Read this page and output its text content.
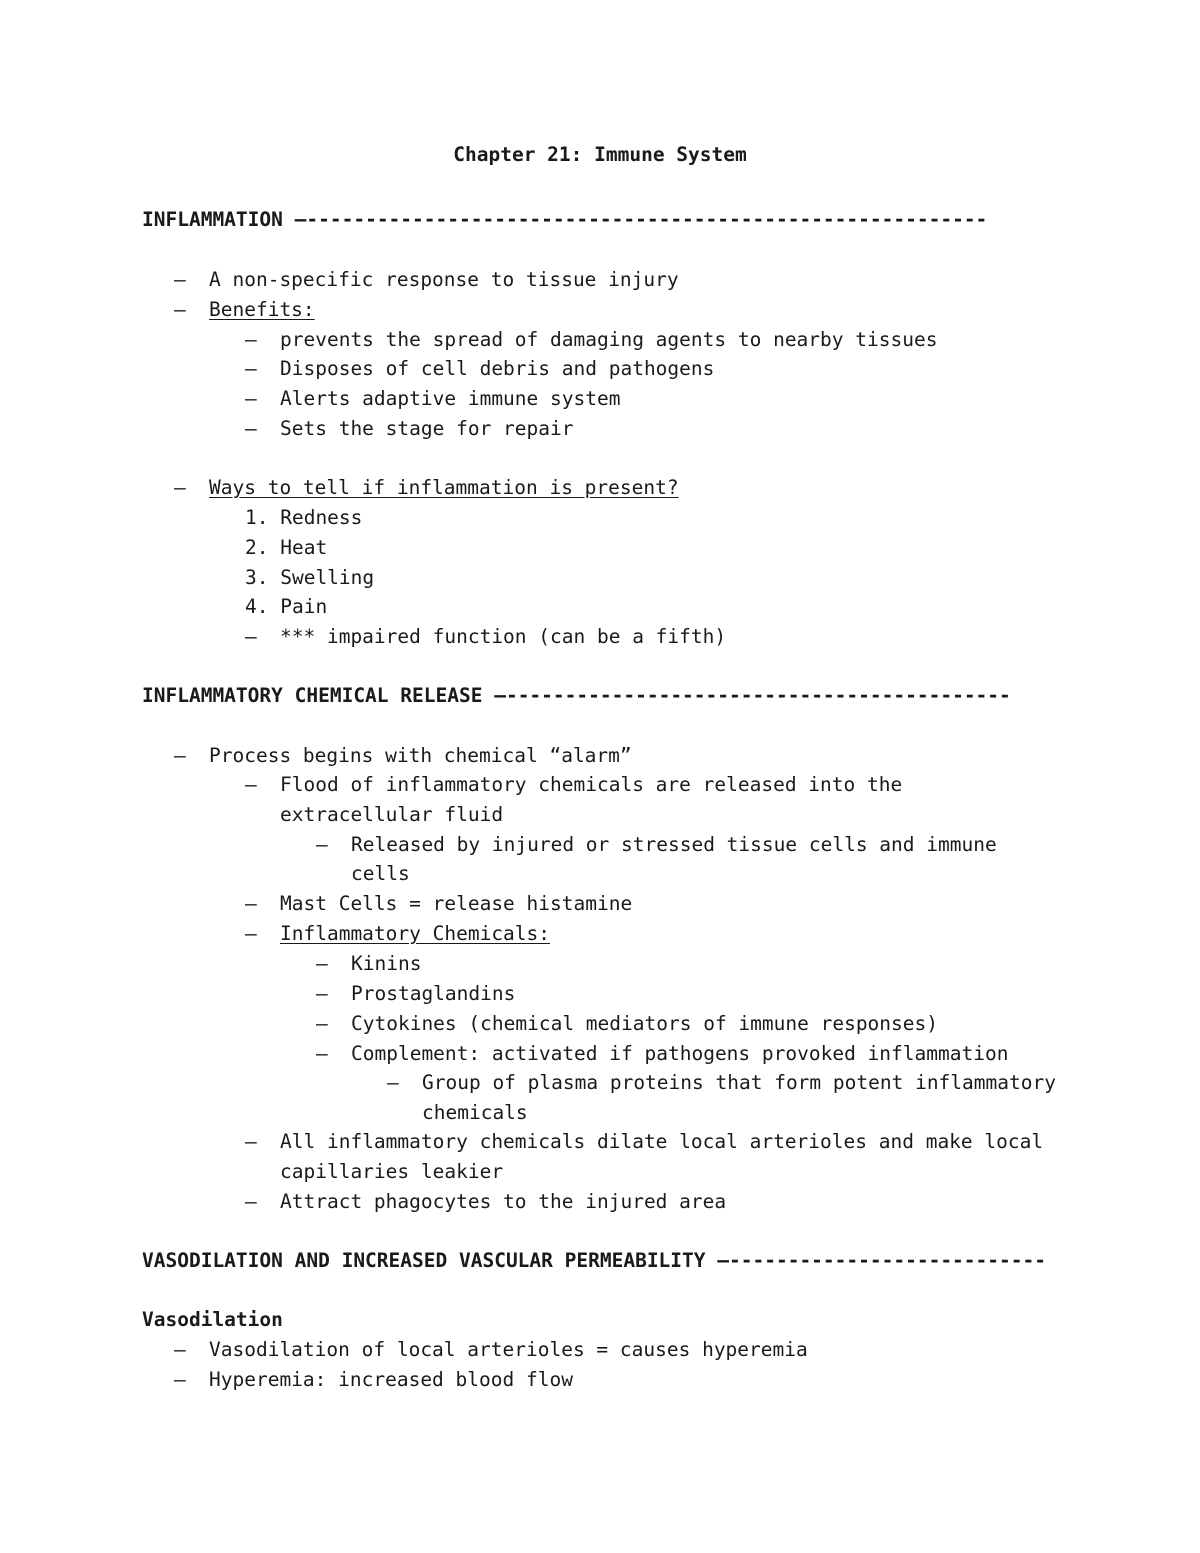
Chapter 21: Immune System
INFLAMMATION –----------------------------------------------------------
– A non-specific response to tissue injury
– Benefits:
– prevents the spread of damaging agents to nearby tissues
– Disposes of cell debris and pathogens
– Alerts adaptive immune system
– Sets the stage for repair
– Ways to tell if inflammation is present?
1. Redness
2. Heat
3. Swelling
4. Pain
– *** impaired function (can be a fifth)
INFLAMMATORY CHEMICAL RELEASE –-------------------------------------------
– Process begins with chemical “alarm”
– Flood of inflammatory chemicals are released into the
extracellular fluid
– Released by injured or stressed tissue cells and immune
cells
– Mast Cells = release histamine
– Inflammatory Chemicals:
– Kinins
– Prostaglandins
– Cytokines (chemical mediators of immune responses)
– Complement: activated if pathogens provoked inflammation
– Group of plasma proteins that form potent inflammatory
chemicals
– All inflammatory chemicals dilate local arterioles and make local
capillaries leakier
– Attract phagocytes to the injured area
VASODILATION AND INCREASED VASCULAR PERMEABILITY –---------------------------
Vasodilation
– Vasodilation of local arterioles = causes hyperemia
– Hyperemia: increased blood flow
